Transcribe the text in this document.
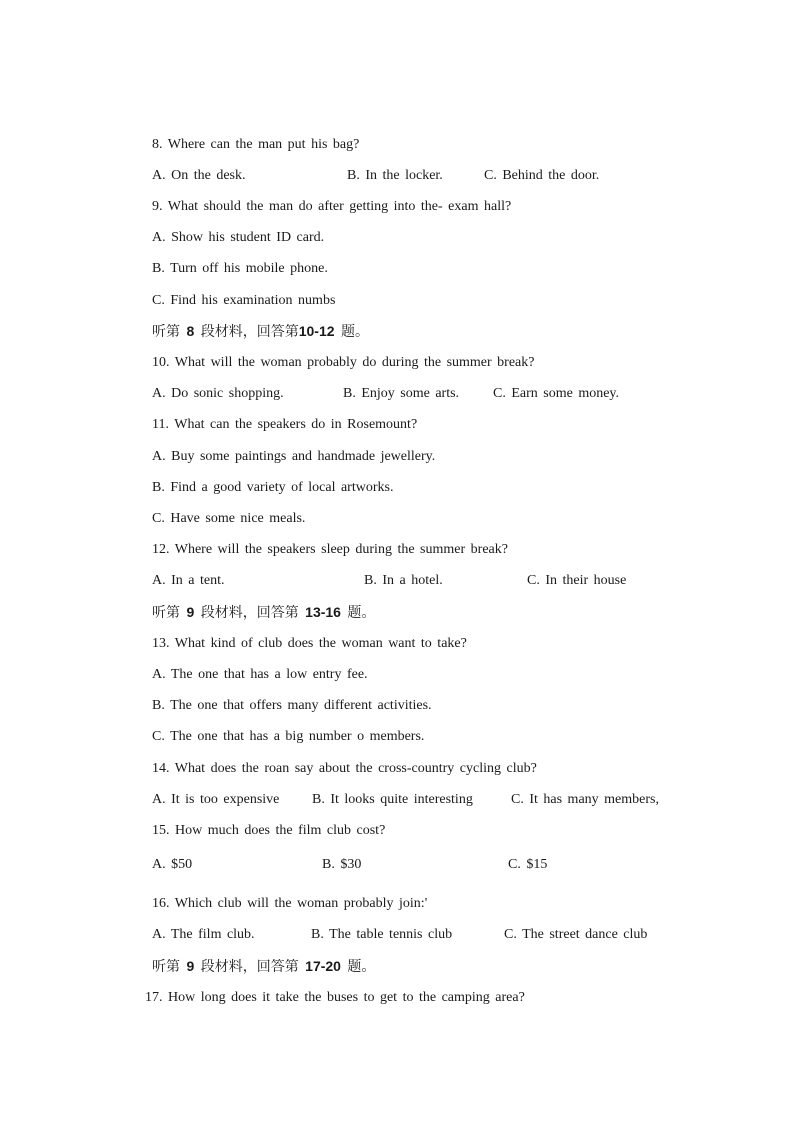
8. Where can the man put his bag?
A. On the desk.	B. In the locker.	C. Behind the door.
9. What should the man do after getting into the- exam hall?
A. Show his student ID card.
B. Turn off his mobile phone.
C. Find his examination numbs
听第 8 段材料，回答第10-12 题。
10. What will the woman probably do during the summer break?
A. Do sonic shopping.	B. Enjoy some arts. C. Earn some money.
11. What can the speakers do in Rosemount?
A. Buy some paintings and handmade jewellery.
B. Find a good variety of local artworks.
C. Have some nice meals.
12. Where will the speakers sleep during the summer break?
A. In a tent.	B. In a hotel.	C. In their house
听第 9 段材料，回答第 13-16 题。
13. What kind of club does the woman want to take?
A. The one that has a low entry fee.
B. The one that offers many different activities.
C. The one that has a big number o members.
14. What does the roan say about the cross-country cycling club?
A. It is too expensive B. It looks quite interesting	C. It has many members,
15. How much does the film club cost?
A. $50	B. $30	C. $15
16. Which club will the woman probably join:'
A. The film club.	B. The table tennis club	C. The street dance club
听第 9 段材料，回答第 17-20 题。
17. How long does it take the buses to get to the camping area?
